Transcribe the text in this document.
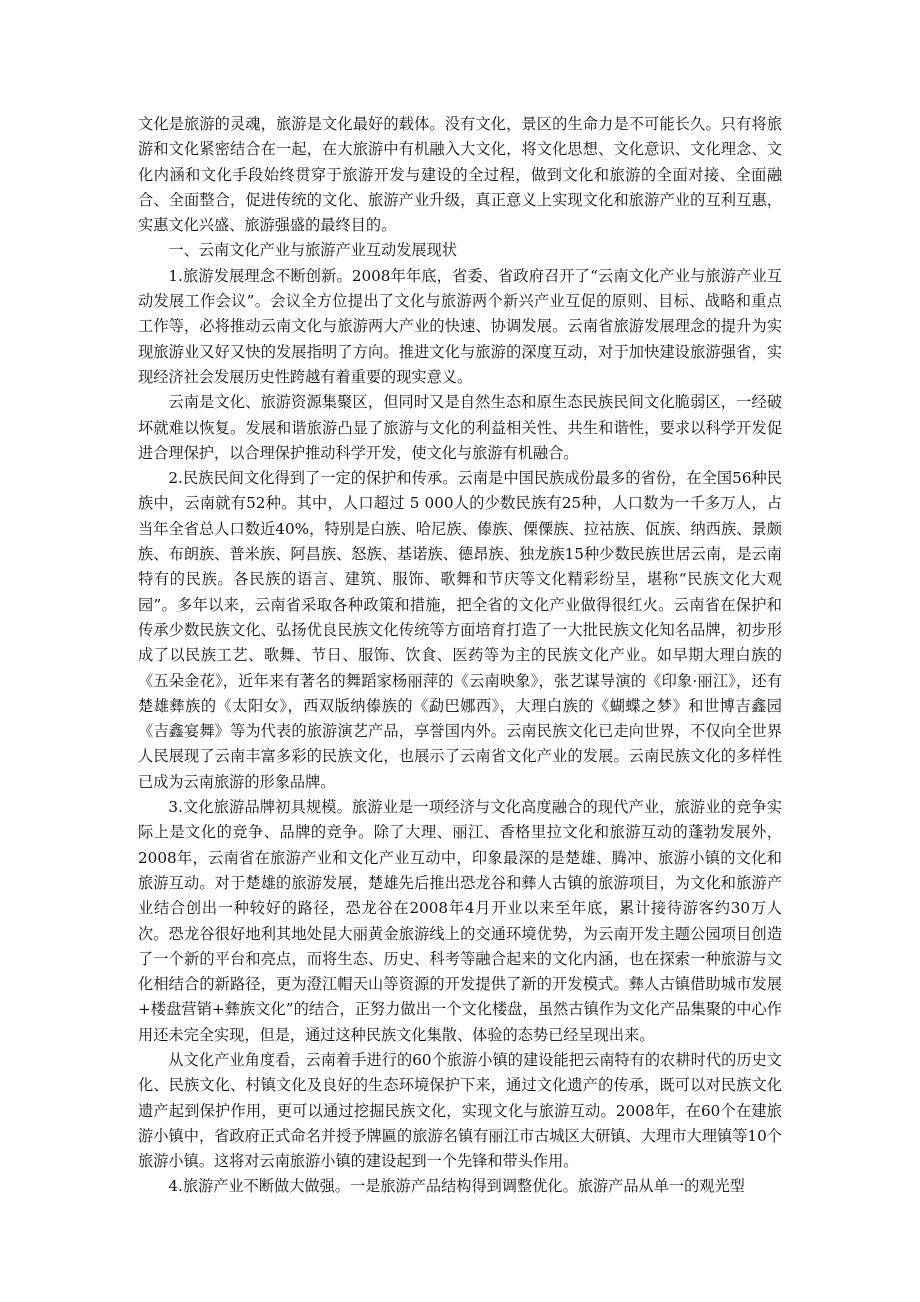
文化是旅游的灵魂，旅游是文化最好的载体。没有文化，景区的生命力是不可能长久。只有将旅游和文化紧密结合在一起，在大旅游中有机融入大文化，将文化思想、文化意识、文化理念、文化内涵和文化手段始终贯穿于旅游开发与建设的全过程，做到文化和旅游的全面对接、全面融合、全面整合，促进传统的文化、旅游产业升级，真正意义上实现文化和旅游产业的互利互惠，实惠文化兴盛、旅游强盛的最终目的。

一、云南文化产业与旅游产业互动发展现状

1.旅游发展理念不断创新。2008年年底，省委、省政府召开了“云南文化产业与旅游产业互动发展工作会议”。会议全方位提出了文化与旅游两个新兴产业互促的原则、目标、战略和重点工作等，必将推动云南文化与旅游两大产业的快速、协调发展。云南省旅游发展理念的提升为实现旅游业又好又快的发展指明了方向。推进文化与旅游的深度互动，对于加快建设旅游强省，实现经济社会发展历史性跨越有着重要的现实意义。

云南是文化、旅游资源集聚区，但同时又是自然生态和原生态民族民间文化脆弱区，一经破坏就难以恢复。发展和谐旅游凸显了旅游与文化的利益相关性、共生和谐性，要求以科学开发促进合理保护，以合理保护推动科学开发，使文化与旅游有机融合。

2.民族民间文化得到了一定的保护和传承。云南是中国民族成份最多的省份，在全国56种民族中，云南就有52种。其中，人口超过 5 000人的少数民族有25种，人口数为一千多万人，占当年全省总人口数近40%，特别是白族、哈尼族、傣族、傈僳族、拉祜族、佤族、纳西族、景颇族、布朗族、普米族、阿昌族、怒族、基诺族、德昂族、独龙族15种少数民族世居云南，是云南特有的民族。各民族的语言、建筑、服饰、歌舞和节庆等文化精彩纷呈，堪称“民族文化大观园”。多年以来，云南省采取各种政策和措施，把全省的文化产业做得很红火。云南省在保护和传承少数民族文化、弘扬优良民族文化传统等方面培育打造了一大批民族文化知名品牌，初步形成了以民族工艺、歌舞、节日、服饰、饮食、医药等为主的民族文化产业。如早期大理白族的《五朵金花》，近年来有著名的舞蹈家杨丽萍的《云南映象》，张艺谋导演的《印象·丽江》，还有楚雄彝族的《太阳女》，西双版纳傣族的《勐巴娜西》，大理白族的《蝴蝶之梦》和世博吉鑫园《吉鑫宴舞》等为代表的旅游演艺产品，享誉国内外。云南民族文化已走向世界，不仅向全世界人民展现了云南丰富多彩的民族文化，也展示了云南省文化产业的发展。云南民族文化的多样性已成为云南旅游的形象品牌。

3.文化旅游品牌初具规模。旅游业是一项经济与文化高度融合的现代产业，旅游业的竞争实际上是文化的竞争、品牌的竞争。除了大理、丽江、香格里拉文化和旅游互动的蓬勃发展外，2008年，云南省在旅游产业和文化产业互动中，印象最深的是楚雄、腾冲、旅游小镇的文化和旅游互动。对于楚雄的旅游发展，楚雄先后推出恐龙谷和彝人古镇的旅游项目，为文化和旅游产业结合创出一种较好的路径，恐龙谷在2008年4月开业以来至年底，累计接待游客约30万人次。恐龙谷很好地利其地处昆大丽黄金旅游线上的交通环境优势，为云南开发主题公园项目创造了一个新的平台和亮点，而将生态、历史、科考等融合起来的文化内涵，也在探索一种旅游与文化相结合的新路径，更为澄江帽天山等资源的开发提供了新的开发模式。彝人古镇借助城市发展+楼盘营销+彝族文化”的结合，正努力做出一个文化楼盘，虽然古镇作为文化产品集聚的中心作用还未完全实现，但是，通过这种民族文化集散、体验的态势已经呈现出来。

从文化产业角度看，云南着手进行的60个旅游小镇的建设能把云南特有的农耕时代的历史文化、民族文化、村镇文化及良好的生态环境保护下来，通过文化遗产的传承，既可以对民族文化遗产起到保护作用，更可以通过挖掘民族文化，实现文化与旅游互动。2008年，在60个在建旅游小镇中，省政府正式命名并授予牌匾的旅游名镇有丽江市古城区大研镇、大理市大理镇等10个旅游小镇。这将对云南旅游小镇的建设起到一个先锋和带头作用。

4.旅游产业不断做大做强。一是旅游产品结构得到调整优化。旅游产品从单一的观光型
